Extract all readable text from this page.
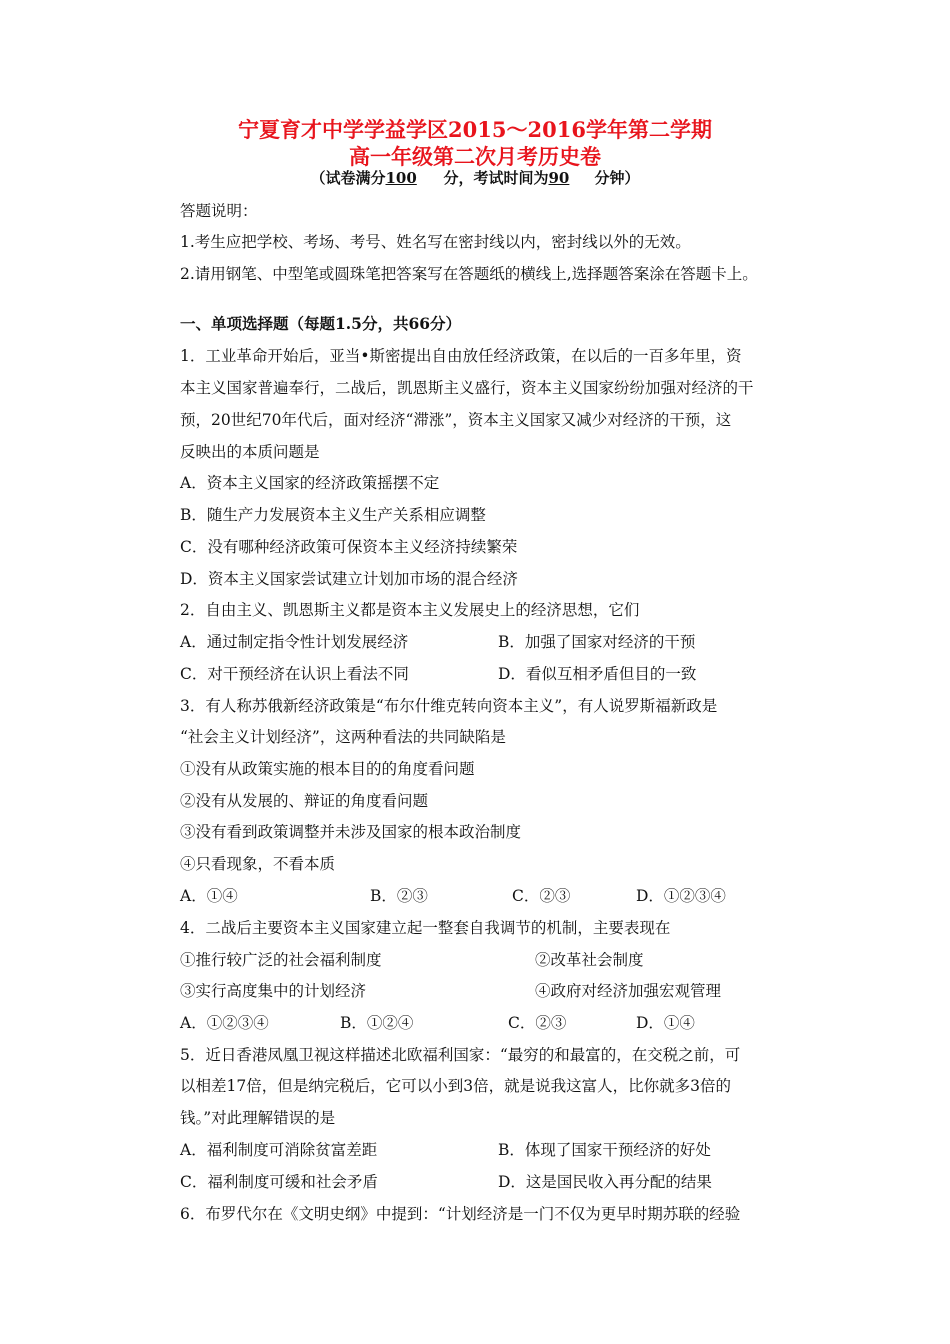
宁夏育才中学学益学区2015～2016学年第二学期
高一年级第二次月考历史卷
（试卷满分100 分，考试时间为90 分钟）
答题说明：
1.考生应把学校、考场、考号、姓名写在密封线以内，密封线以外的无效。
2.请用钢笔、中型笔或圆珠笔把答案写在答题纸的横线上,选择题答案涂在答题卡上。
一、单项选择题（每题1.5分，共66分）
1．工业革命开始后，亚当•斯密提出自由放任经济政策，在以后的一百多年里，资
本主义国家普遍奉行，二战后，凯恩斯主义盛行，资本主义国家纷纷加强对经济的干
预，20世纪70年代后，面对经济“滞涨”，资本主义国家又减少对经济的干预，这
反映出的本质问题是
A．资本主义国家的经济政策摇摆不定
B．随生产力发展资本主义生产关系相应调整
C．没有哪种经济政策可保资本主义经济持续繁荣
D．资本主义国家尝试建立计划加市场的混合经济
2．自由主义、凯恩斯主义都是资本主义发展史上的经济思想，它们
A．通过制定指令性计划发展经济	B．加强了国家对经济的干预
C．对干预经济在认识上看法不同	D．看似互相矛盾但目的一致
3．有人称苏俄新经济政策是“布尔什维克转向资本主义”，有人说罗斯福新政是
“社会主义计划经济”，这两种看法的共同缺陷是
①没有从政策实施的根本目的的角度看问题
②没有从发展的、辩证的角度看问题
③没有看到政策调整并未涉及国家的根本政治制度
④只看现象，不看本质
A．①④	B．②③	C．②③	D．①②③④
4．二战后主要资本主义国家建立起一整套自我调节的机制，主要表现在
①推行较广泛的社会福利制度	②改革社会制度
③实行高度集中的计划经济	④政府对经济加强宏观管理
A．①②③④	B．①②④	C．②③	D．①④
5．近日香港凤凰卫视这样描述北欧福利国家：“最穷的和最富的，在交税之前，可
以相差17倍，但是纳完税后，它可以小到3倍，就是说我这富人，比你就多3倍的
钱。”对此理解错误的是
A．福利制度可消除贫富差距	B．体现了国家干预经济的好处
C．福利制度可缓和社会矛盾	D．这是国民收入再分配的结果
6．布罗代尔在《文明史纲》中提到：“计划经济是一门不仅为更早时期苏联的经验
